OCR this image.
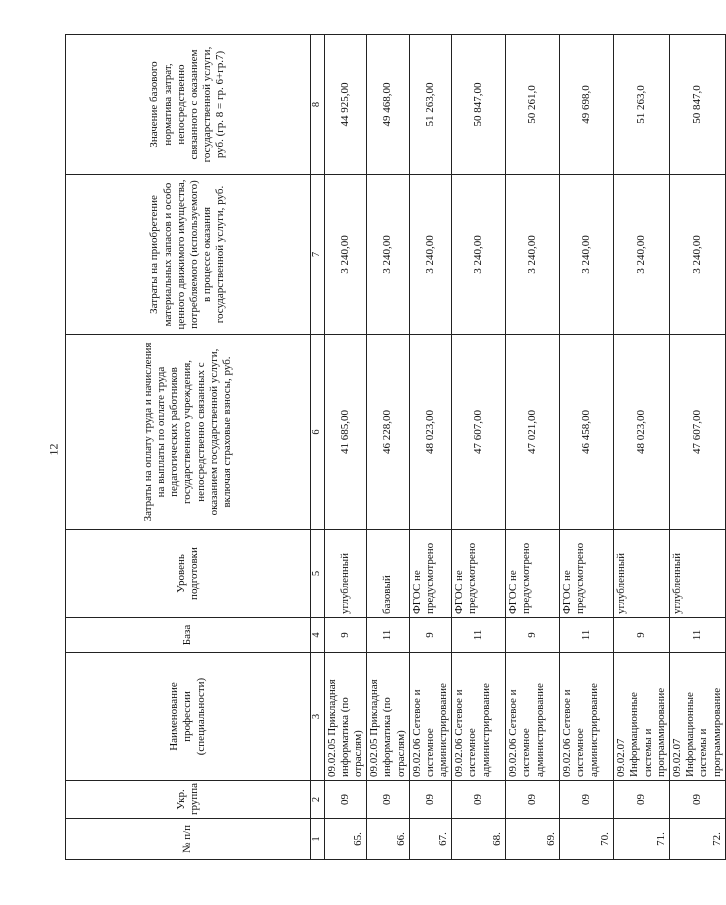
12
№ п/п	Укр. группа	Наименование профессии (специальности)	База	Уровень подготовки	Затраты на оплату труда и начисления на выплаты по оплате труда педагогических работников государственного учреждения, непосредственно связанных с оказанием государственной услуги, включая страховые взносы, руб.	Затраты на приобретение материальных запасов и особо ценного движимого имущества, потребляемого (используемого) в процессе оказания государственной услуги, руб.	Значение базового норматива затрат, непосредственно связанного с оказанием государственной услуги, руб. (гр. 8 = гр. 6+гр.7)
1	2	3	4	5	6	7	8
65.	09	09.02.05 Прикладная информатика (по отраслям)	9	углубленный	41 685,00	3 240,00	44 925,00
66.	09	09.02.05 Прикладная информатика (по отраслям)	11	базовый	46 228,00	3 240,00	49 468,00
67.	09	09.02.06 Сетевое и системное администрирование	9	ФГОС не предусмотрено	48 023,00	3 240,00	51 263,00
68.	09	09.02.06 Сетевое и системное администрирование	11	ФГОС не предусмотрено	47 607,00	3 240,00	50 847,00
69.	09	09.02.06 Сетевое и системное администрирование	9	ФГОС не предусмотрено	47 021,00	3 240,00	50 261,0
70.	09	09.02.06 Сетевое и системное администрирование	11	ФГОС не предусмотрено	46 458,00	3 240,00	49 698,0
71.	09	09.02.07 Информационные системы и программирование	9	углубленный	48 023,00	3 240,00	51 263,0
72.	09	09.02.07 Информационные системы и программирование	11	углубленный	47 607,00	3 240,00	50 847,0
